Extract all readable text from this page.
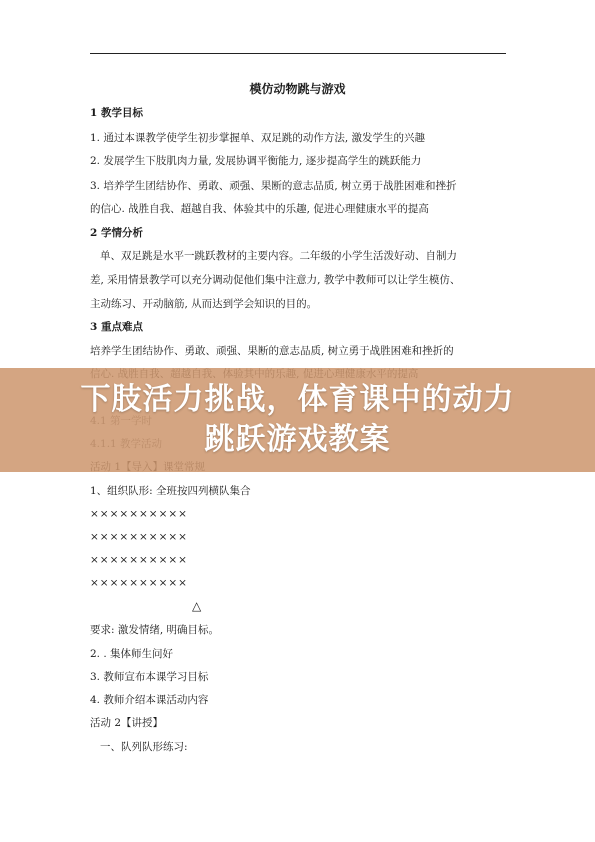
模仿动物跳与游戏
1 教学目标
1. 通过本课教学使学生初步掌握单、双足跳的动作方法, 激发学生的兴趣
2. 发展学生下肢肌肉力量, 发展协调平衡能力, 逐步提高学生的跳跃能力
3. 培养学生团结协作、勇敢、顽强、果断的意志品质, 树立勇于战胜困难和挫折
的信心. 战胜自我、超越自我、体验其中的乐趣, 促进心理健康水平的提高
2 学情分析
单、双足跳是水平一跳跃教材的主要内容。二年级的小学生活泼好动、自制力
差, 采用情景教学可以充分调动促他们集中注意力, 教学中教师可以让学生模仿、
主动练习、开动脑筋, 从而达到学会知识的目的。
3 重点难点
培养学生团结协作、勇敢、顽强、果断的意志品质, 树立勇于战胜困难和挫折的
1、组织队形: 全班按四列横队集合
××××××××××
××××××××××
××××××××××
××××××××××
△
要求: 激发情绪, 明确目标。
2. . 集体师生问好
3. 教师宣布本课学习目标
4. 教师介绍本课活动内容
活动 2【讲授】
一、队列队形练习:
下肢活力挑战，体育课中的动力
跳跃游戏教案
